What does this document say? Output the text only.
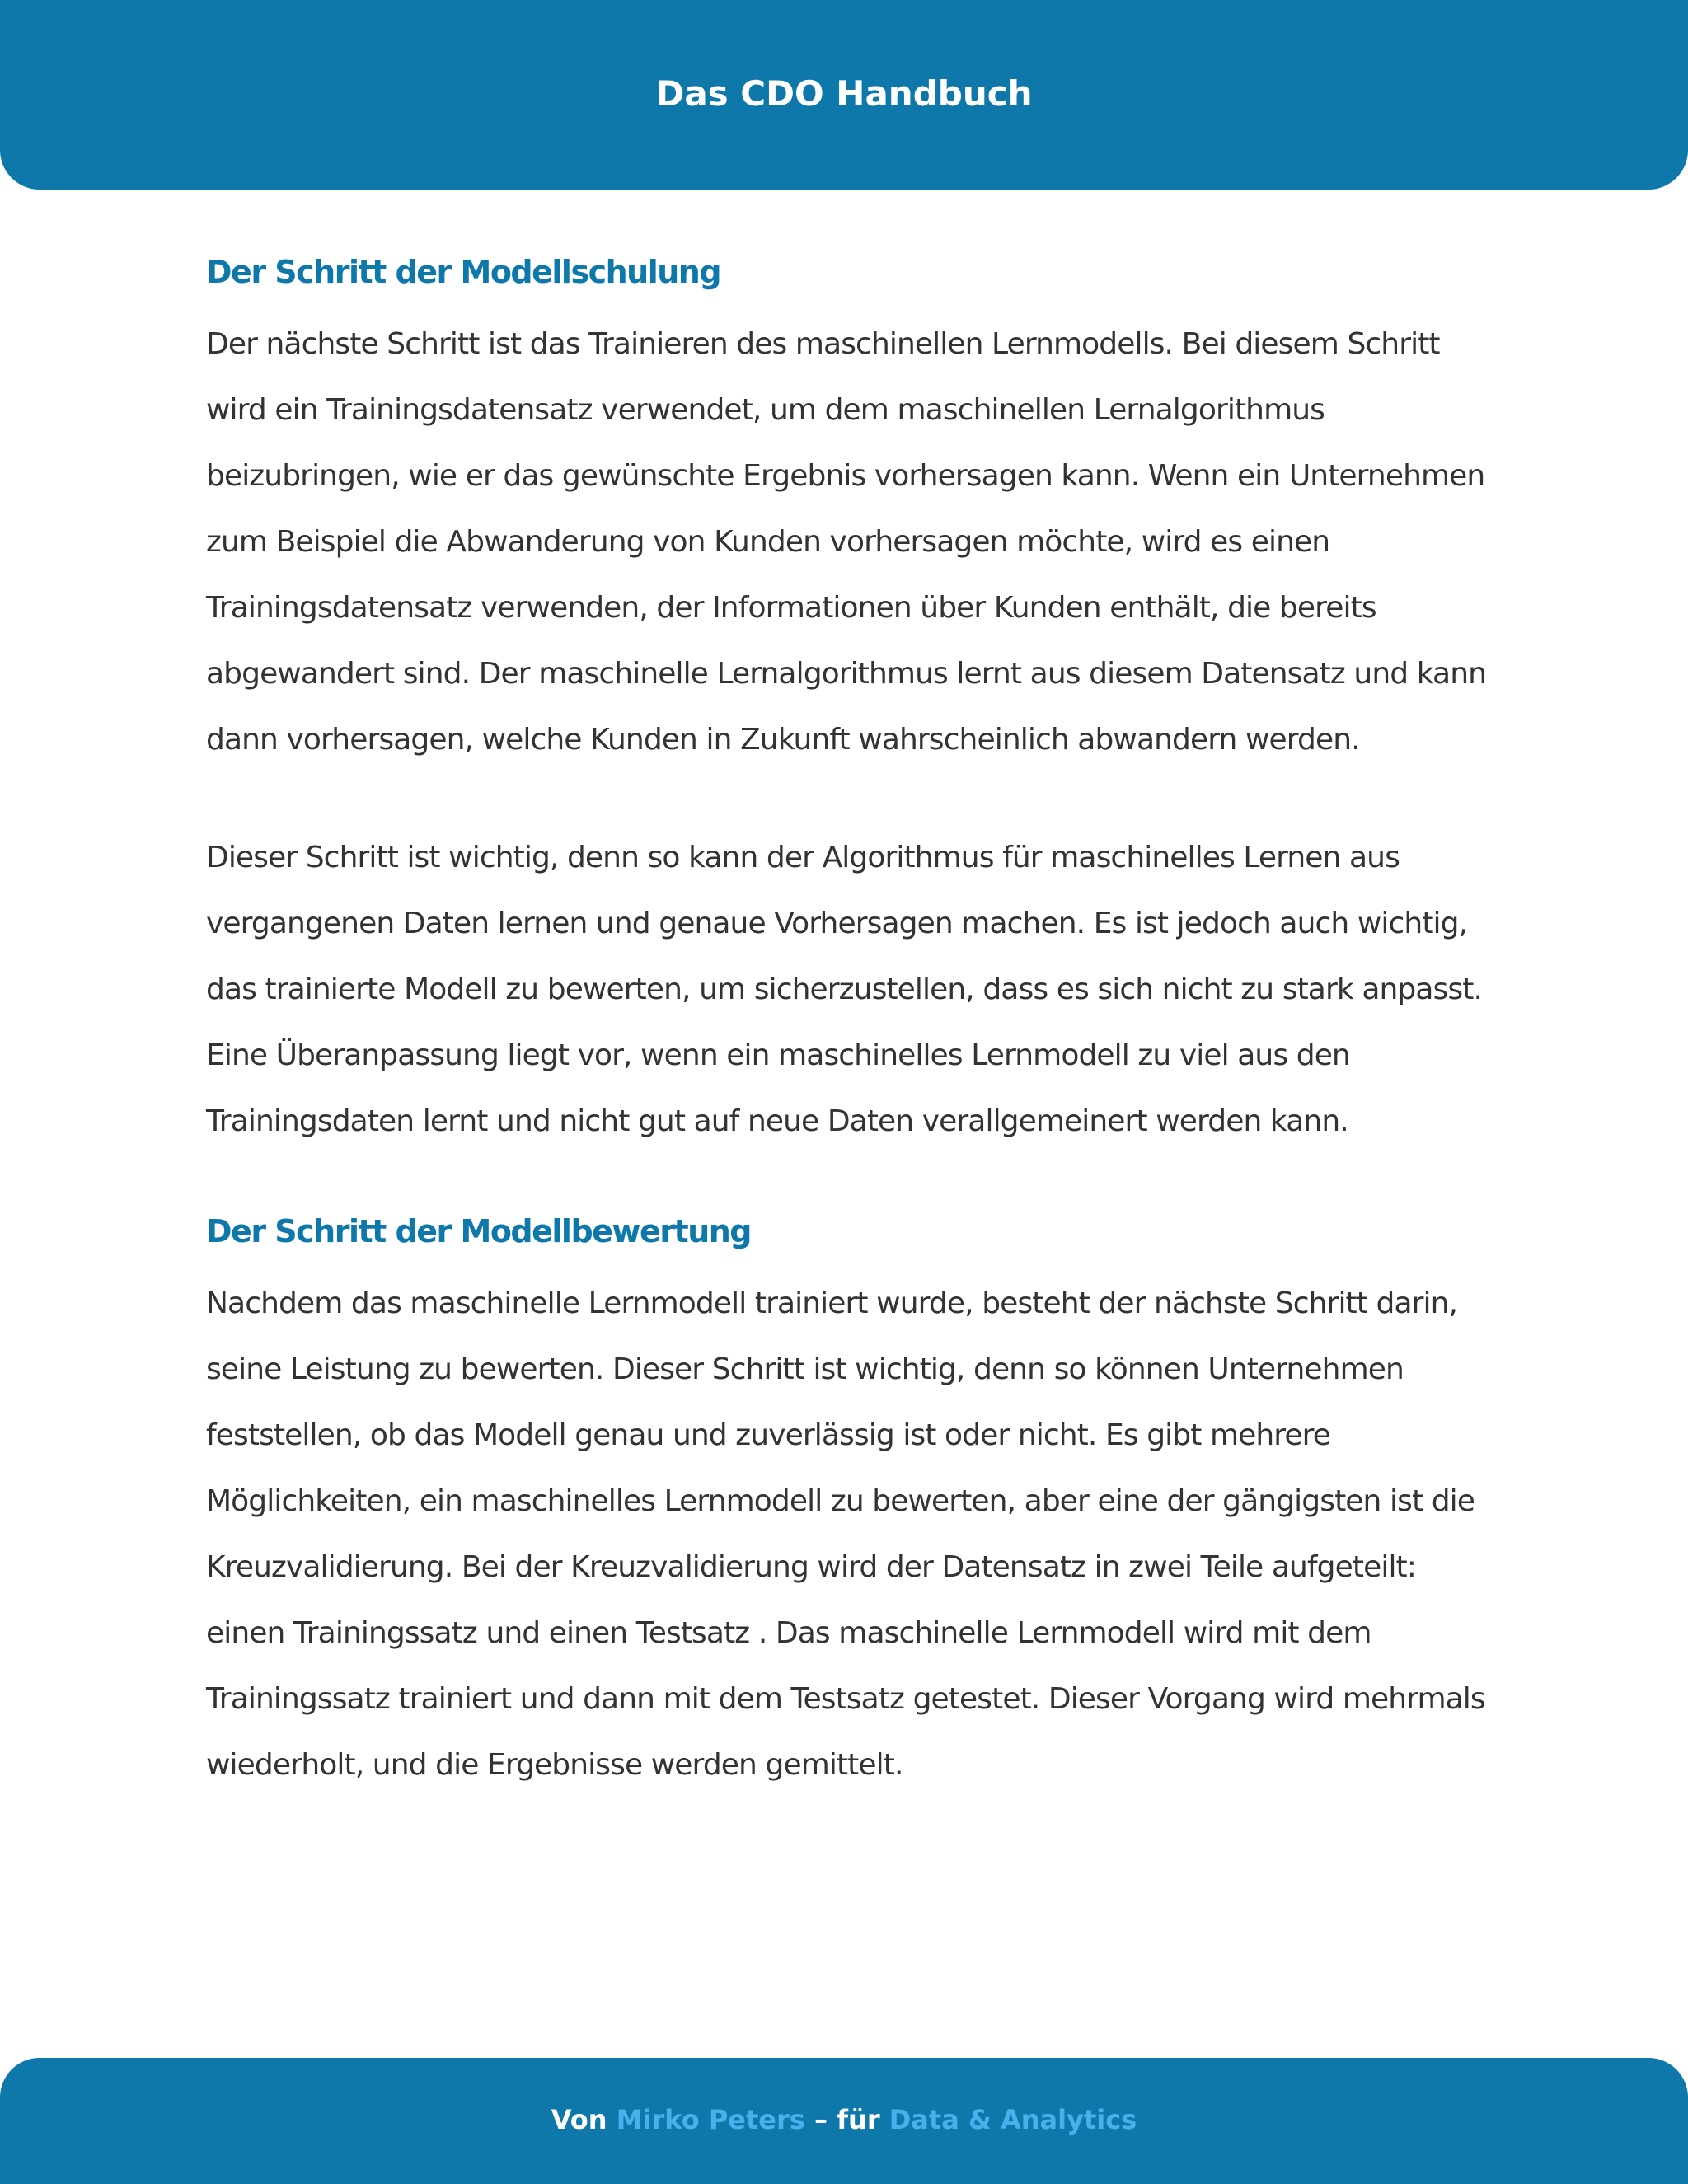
Das CDO Handbuch
Der Schritt der Modellschulung

Der nächste Schritt ist das Trainieren des maschinellen Lernmodells. Bei diesem Schritt wird ein Trainingsdatensatz verwendet, um dem maschinellen Lernalgorithmus beizubringen, wie er das gewünschte Ergebnis vorhersagen kann. Wenn ein Unternehmen zum Beispiel die Abwanderung von Kunden vorhersagen möchte, wird es einen Trainingsdatensatz verwenden, der Informationen über Kunden enthält, die bereits abgewandert sind. Der maschinelle Lernalgorithmus lernt aus diesem Datensatz und kann dann vorhersagen, welche Kunden in Zukunft wahrscheinlich abwandern werden.

Dieser Schritt ist wichtig, denn so kann der Algorithmus für maschinelles Lernen aus vergangenen Daten lernen und genaue Vorhersagen machen. Es ist jedoch auch wichtig, das trainierte Modell zu bewerten, um sicherzustellen, dass es sich nicht zu stark anpasst. Eine Überanpassung liegt vor, wenn ein maschinelles Lernmodell zu viel aus den Trainingsdaten lernt und nicht gut auf neue Daten verallgemeinert werden kann.

Der Schritt der Modellbewertung

Nachdem das maschinelle Lernmodell trainiert wurde, besteht der nächste Schritt darin, seine Leistung zu bewerten. Dieser Schritt ist wichtig, denn so können Unternehmen feststellen, ob das Modell genau und zuverlässig ist oder nicht. Es gibt mehrere Möglichkeiten, ein maschinelles Lernmodell zu bewerten, aber eine der gängigsten ist die Kreuzvalidierung. Bei der Kreuzvalidierung wird der Datensatz in zwei Teile aufgeteilt: einen Trainingssatz und einen Testsatz . Das maschinelle Lernmodell wird mit dem Trainingssatz trainiert und dann mit dem Testsatz getestet. Dieser Vorgang wird mehrmals wiederholt, und die Ergebnisse werden gemittelt.

Von Mirko Peters – für Data & Analytics
